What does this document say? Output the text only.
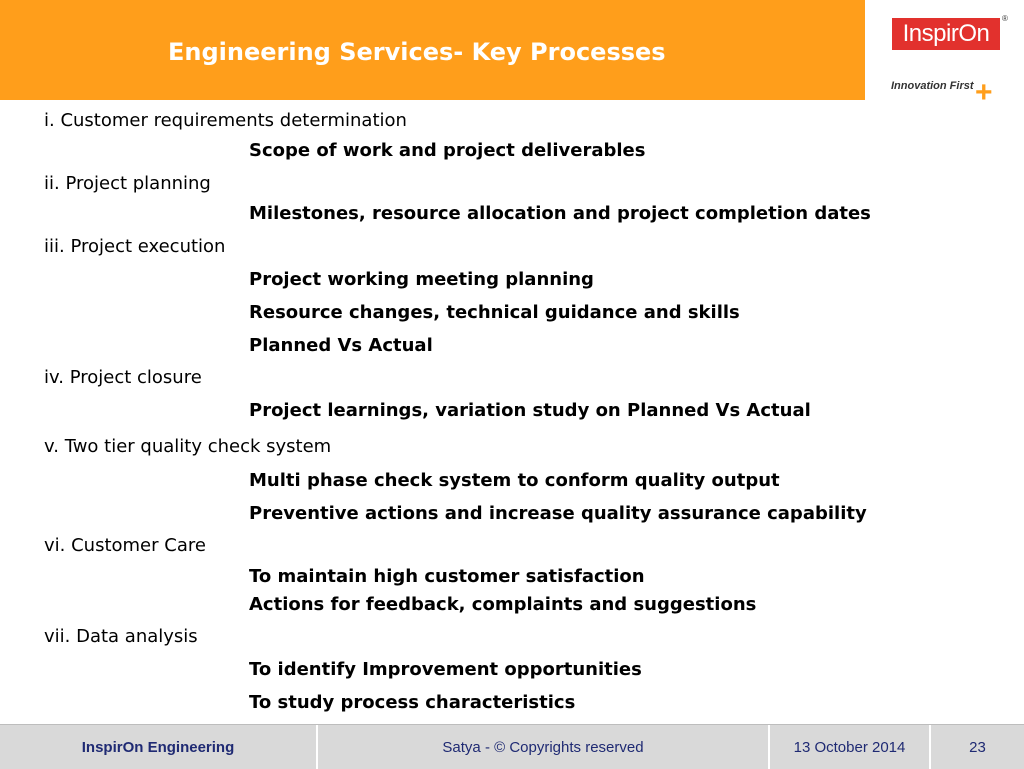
Engineering Services- Key Processes
InspirOn
®
Innovation First +
i. Customer requirements determination
Scope of work and project deliverables
ii. Project planning
Milestones, resource allocation and project completion dates
iii. Project execution
Project working meeting planning
Resource changes, technical guidance and skills
Planned Vs Actual
iv. Project closure
Project learnings, variation study on Planned Vs Actual
v. Two tier quality check system
Multi phase check system to conform quality output
Preventive actions and increase quality assurance capability
vi. Customer Care
To maintain high customer satisfaction
Actions for feedback, complaints and suggestions
vii. Data analysis
To identify Improvement opportunities
To study process characteristics
InspirOn Engineering	Satya - © Copyrights reserved	13 October 2014	23
